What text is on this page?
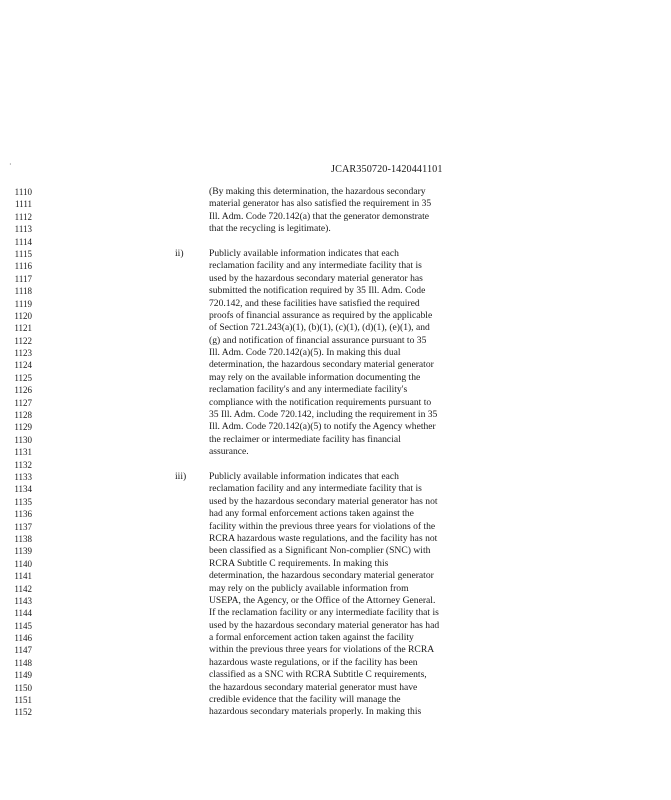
·	JCAR350720-1420441101
1110	(By making this determination, the hazardous secondary
1111	material generator has also satisfied the requirement in 35
1112	Ill. Adm. Code 720.142(a) that the generator demonstrate
1113	that the recycling is legitimate).
1114
1115	ii)	Publicly available information indicates that each
1116	reclamation facility and any intermediate facility that is
1117	used by the hazardous secondary material generator has
1118	submitted the notification required by 35 Ill. Adm. Code
1119	720.142, and these facilities have satisfied the required
1120	proofs of financial assurance as required by the applicable
1121	of Section 721.243(a)(1), (b)(1), (c)(1), (d)(1), (e)(1), and
1122	(g) and notification of financial assurance pursuant to 35
1123	Ill. Adm. Code 720.142(a)(5). In making this dual
1124	determination, the hazardous secondary material generator
1125	may rely on the available information documenting the
1126	reclamation facility's and any intermediate facility's
1127	compliance with the notification requirements pursuant to
1128	35 Ill. Adm. Code 720.142, including the requirement in 35
1129	Ill. Adm. Code 720.142(a)(5) to notify the Agency whether
1130	the reclaimer or intermediate facility has financial
1131	assurance.
1132
1133	iii) Publicly available information indicates that each
1134	reclamation facility and any intermediate facility that is
1135	used by the hazardous secondary material generator has not
1136	had any formal enforcement actions taken against the
1137	facility within the previous three years for violations of the
1138	RCRA hazardous waste regulations, and the facility has not
1139	been classified as a Significant Non-complier (SNC) with
1140	RCRA Subtitle C requirements. In making this
1141	determination, the hazardous secondary material generator
1142	may rely on the publicly available information from
1143	USEPA, the Agency, or the Office of the Attorney General.
1144	If the reclamation facility or any intermediate facility that is
1145	used by the hazardous secondary material generator has had
1146	a formal enforcement action taken against the facility
1147	within the previous three years for violations of the RCRA
1148	hazardous waste regulations, or if the facility has been
1149	classified as a SNC with RCRA Subtitle C requirements,
1150	the hazardous secondary material generator must have
1151	credible evidence that the facility will manage the
1152	hazardous secondary materials properly. In making this
